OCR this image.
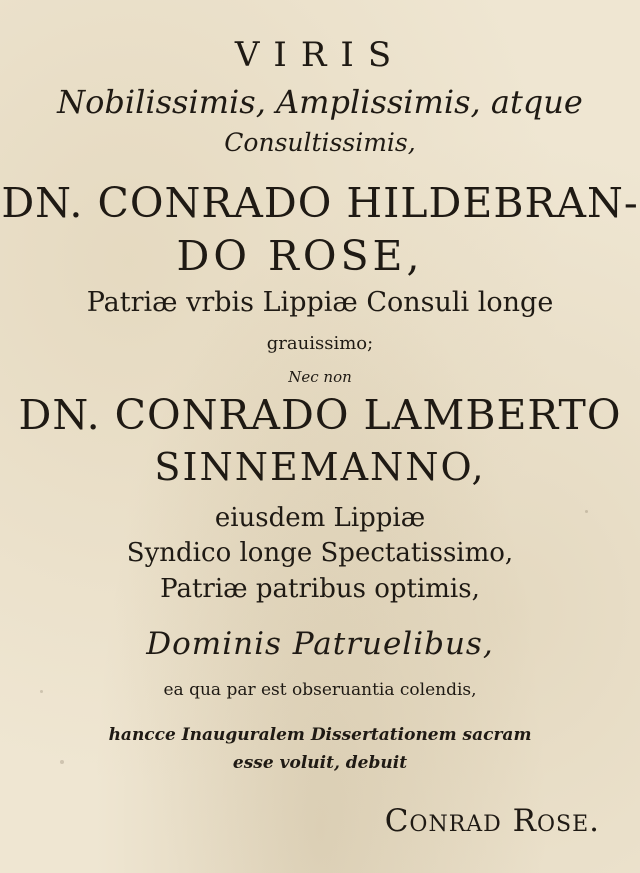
VIRIS
Nobilissimis, Amplissimis, atque
Consultissimis,
DN. CONRADO HILDEBRAN-
DO ROSE,
Patriæ vrbis Lippiæ Consuli longe
grauissimo;
Nec non
DN. CONRADO LAMBERTO
SINNEMANNO,
eiusdem Lippiæ
Syndico longe Spectatissimo,
Patriæ patribus optimis,
Dominis Patruelibus,
ea qua par est obseruantia colendis,
hancce Inauguralem Dissertationem sacram
esse voluit, debuit
Conrad Rose.
